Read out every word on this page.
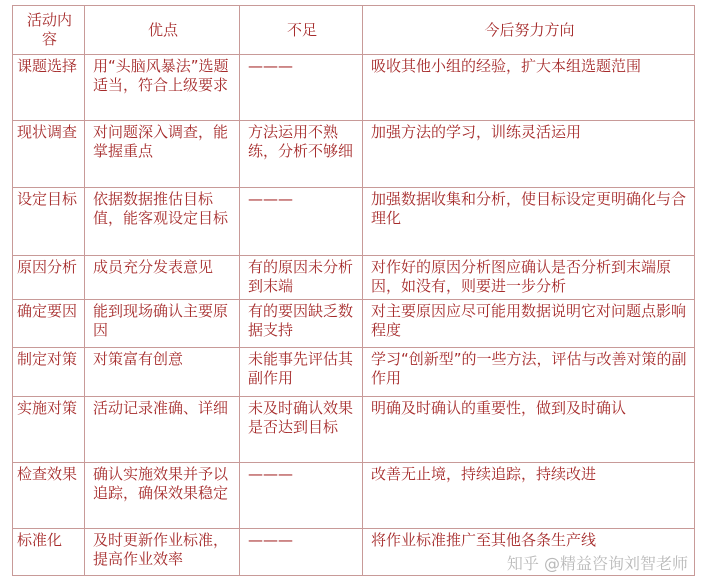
活动内容	优点	不足	今后努力方向
课题选择	用“头脑风暴法”选题适当，符合上级要求	———	吸收其他小组的经验，扩大本组选题范围
现状调查	对问题深入调查，能掌握重点	方法运用不熟练，分析不够细	加强方法的学习，训练灵活运用
设定目标	依据数据推估目标值，能客观设定目标	———	加强数据收集和分析，使目标设定更明确化与合理化
原因分析	成员充分发表意见	有的原因未分析到末端	对作好的原因分析图应确认是否分析到末端原因，如没有，则要进一步分析
确定要因	能到现场确认主要原因	有的要因缺乏数据支持	对主要原因应尽可能用数据说明它对问题点影响程度
制定对策	对策富有创意	未能事先评估其副作用	学习“创新型”的一些方法，评估与改善对策的副作用
实施对策	活动记录准确、详细	未及时确认效果是否达到目标	明确及时确认的重要性，做到及时确认
检查效果	确认实施效果并予以追踪，确保效果稳定	———	改善无止境，持续追踪，持续改进
标准化	及时更新作业标准，提高作业效率	———	将作业标准推广至其他各条生产线
知乎 @精益咨询刘智老师
